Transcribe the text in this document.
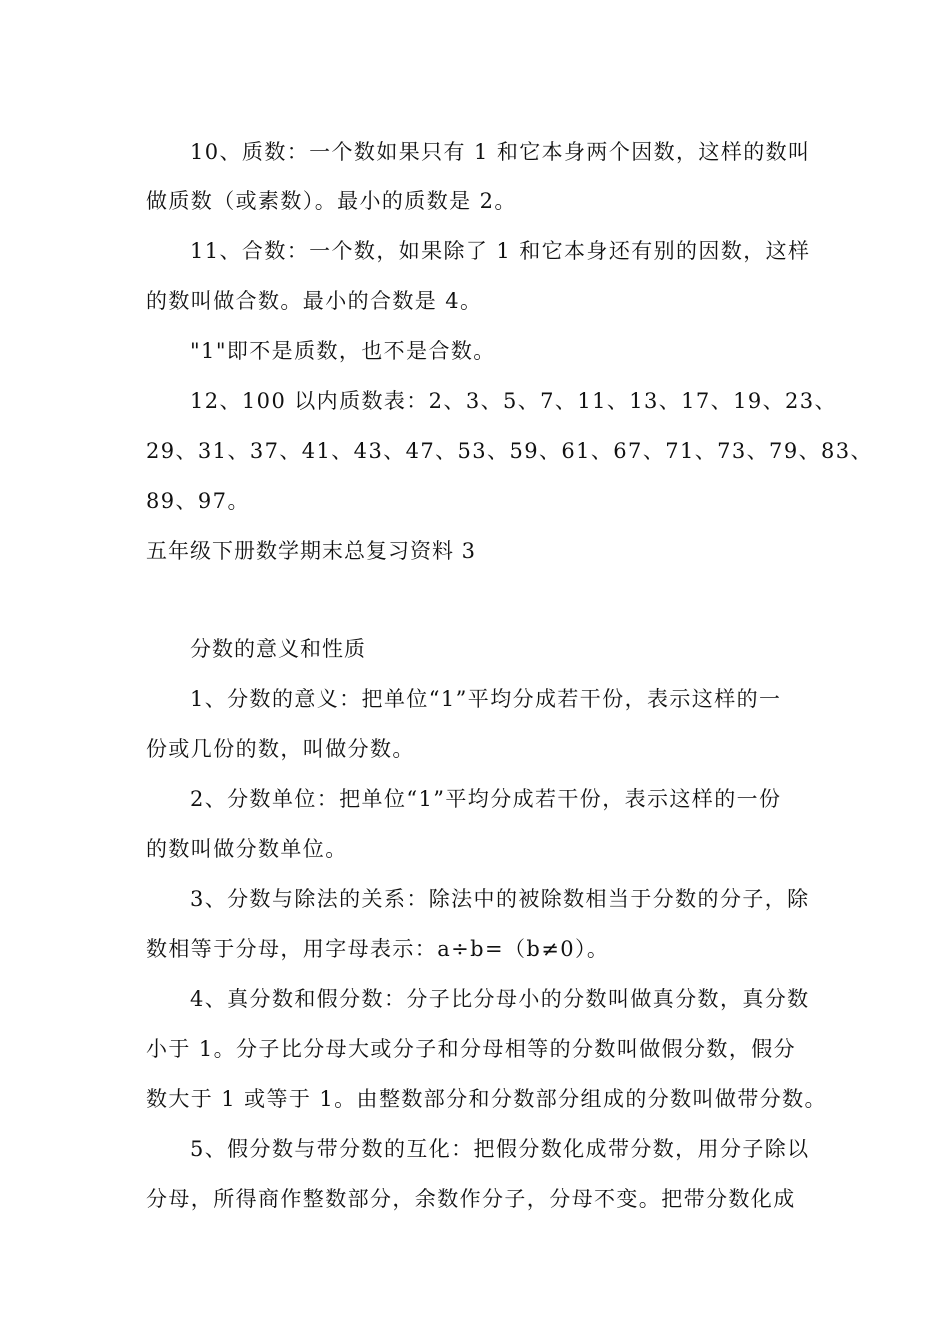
10、质数：一个数如果只有 1 和它本身两个因数，这样的数叫
做质数（或素数）。最小的质数是 2。
11、合数：一个数，如果除了 1 和它本身还有别的因数，这样
的数叫做合数。最小的合数是 4。
"1"即不是质数，也不是合数。
12、100 以内质数表：2、3、5、7、11、13、17、19、23、
29、31、37、41、43、47、53、59、61、67、71、73、79、83、
89、97。
五年级下册数学期末总复习资料 3
分数的意义和性质
1、分数的意义：把单位“1”平均分成若干份，表示这样的一
份或几份的数，叫做分数。
2、分数单位：把单位“1”平均分成若干份，表示这样的一份
的数叫做分数单位。
3、分数与除法的关系：除法中的被除数相当于分数的分子，除
数相等于分母，用字母表示：a÷b=（b≠0）。
4、真分数和假分数：分子比分母小的分数叫做真分数，真分数
小于 1。分子比分母大或分子和分母相等的分数叫做假分数，假分
数大于 1 或等于 1。由整数部分和分数部分组成的分数叫做带分数。
5、假分数与带分数的互化：把假分数化成带分数，用分子除以
分母，所得商作整数部分，余数作分子，分母不变。把带分数化成
